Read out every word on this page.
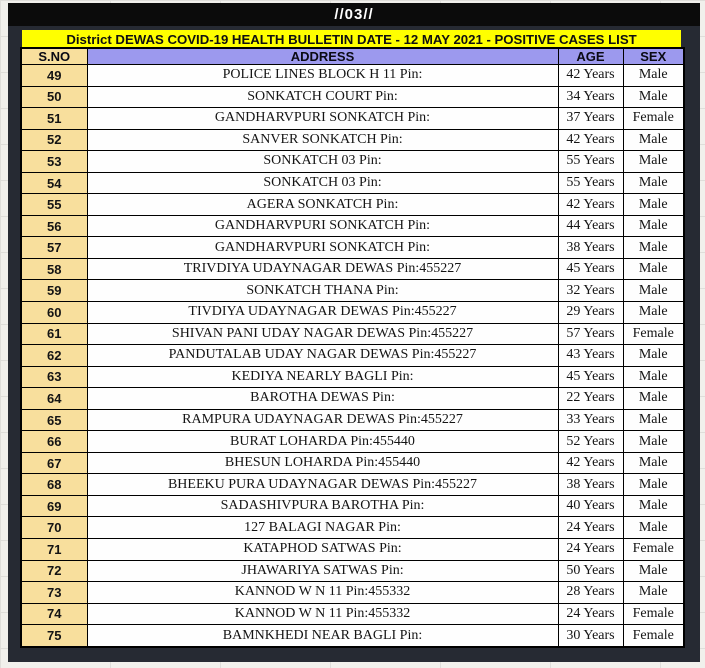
//03//
District DEWAS COVID-19 HEALTH BULLETIN DATE - 12 MAY 2021 - POSITIVE CASES LIST
S.NO	ADDRESS	AGE	SEX
49	POLICE LINES BLOCK H 11 Pin:	42 Years	Male
50	SONKATCH COURT Pin:	34 Years	Male
51	GANDHARVPURI SONKATCH Pin:	37 Years	Female
52	SANVER SONKATCH Pin:	42 Years	Male
53	SONKATCH 03 Pin:	55 Years	Male
54	SONKATCH 03 Pin:	55 Years	Male
55	AGERA SONKATCH Pin:	42 Years	Male
56	GANDHARVPURI SONKATCH Pin:	44 Years	Male
57	GANDHARVPURI SONKATCH Pin:	38 Years	Male
58	TRIVDIYA UDAYNAGAR DEWAS Pin:455227	45 Years	Male
59	SONKATCH THANA Pin:	32 Years	Male
60	TIVDIYA UDAYNAGAR DEWAS Pin:455227	29 Years	Male
61	SHIVAN PANI UDAY NAGAR DEWAS Pin:455227	57 Years	Female
62	PANDUTALAB UDAY NAGAR DEWAS Pin:455227	43 Years	Male
63	KEDIYA NEARLY BAGLI Pin:	45 Years	Male
64	BAROTHA DEWAS Pin:	22 Years	Male
65	RAMPURA UDAYNAGAR DEWAS Pin:455227	33 Years	Male
66	BURAT LOHARDA Pin:455440	52 Years	Male
67	BHESUN LOHARDA Pin:455440	42 Years	Male
68	BHEEKU PURA UDAYNAGAR DEWAS Pin:455227	38 Years	Male
69	SADASHIVPURA BAROTHA Pin:	40 Years	Male
70	127 BALAGI NAGAR Pin:	24 Years	Male
71	KATAPHOD SATWAS Pin:	24 Years	Female
72	JHAWARIYA SATWAS Pin:	50 Years	Male
73	KANNOD W N 11 Pin:455332	28 Years	Male
74	KANNOD W N 11 Pin:455332	24 Years	Female
75	BAMNKHEDI NEAR BAGLI Pin:	30 Years	Female
